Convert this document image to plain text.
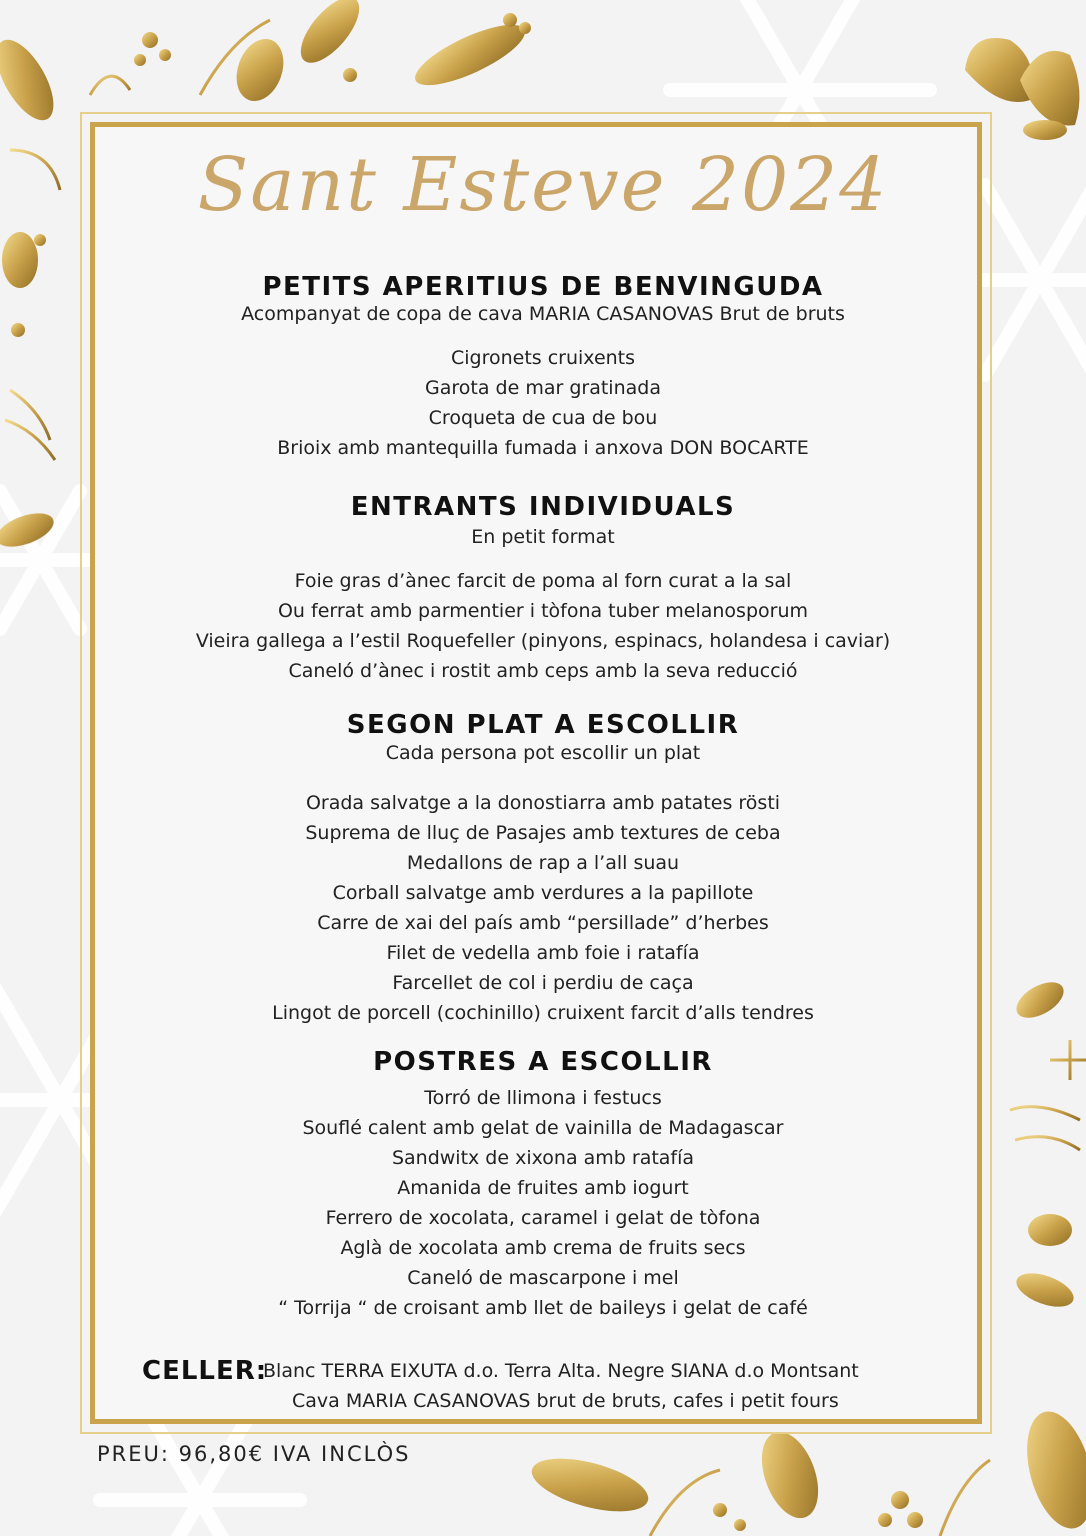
Sant Esteve 2024
PETITS APERITIUS DE BENVINGUDA
Acompanyat de copa de cava MARIA CASANOVAS Brut de bruts
Cigronets cruixents
Garota de mar gratinada
Croqueta de cua de bou
Brioix amb mantequilla fumada i anxova DON BOCARTE
ENTRANTS INDIVIDUALS
En petit format
Foie gras d’ànec farcit de poma al forn curat a la sal
Ou ferrat amb parmentier i tòfona tuber melanosporum
Vieira gallega a l’estil Roquefeller (pinyons, espinacs, holandesa i caviar)
Caneló d’ànec i rostit amb ceps amb la seva reducció
SEGON PLAT A ESCOLLIR
Cada persona pot escollir un plat
Orada salvatge a la donostiarra amb patates rösti
Suprema de lluç de Pasajes amb textures de ceba
Medallons de rap a l’all suau
Corball salvatge amb verdures a la papillote
Carre de xai del país amb “persillade” d’herbes
Filet de vedella amb foie i ratafía
Farcellet de col i perdiu de caça
Lingot de porcell (cochinillo) cruixent farcit d’alls tendres
POSTRES A ESCOLLIR
Torró de llimona i festucs
Souflé calent amb gelat de vainilla de Madagascar
Sandwitx de xixona amb ratafía
Amanida de fruites amb iogurt
Ferrero de xocolata, caramel i gelat de tòfona
Aglà de xocolata amb crema de fruits secs
Caneló de mascarpone i mel
“ Torrija “ de croisant amb llet de baileys i gelat de café
CELLER:
Blanc TERRA EIXUTA d.o. Terra Alta. Negre SIANA d.o Montsant
Cava MARIA CASANOVAS brut de bruts, cafes i petit fours
PREU: 96,80€ IVA INCLÒS
